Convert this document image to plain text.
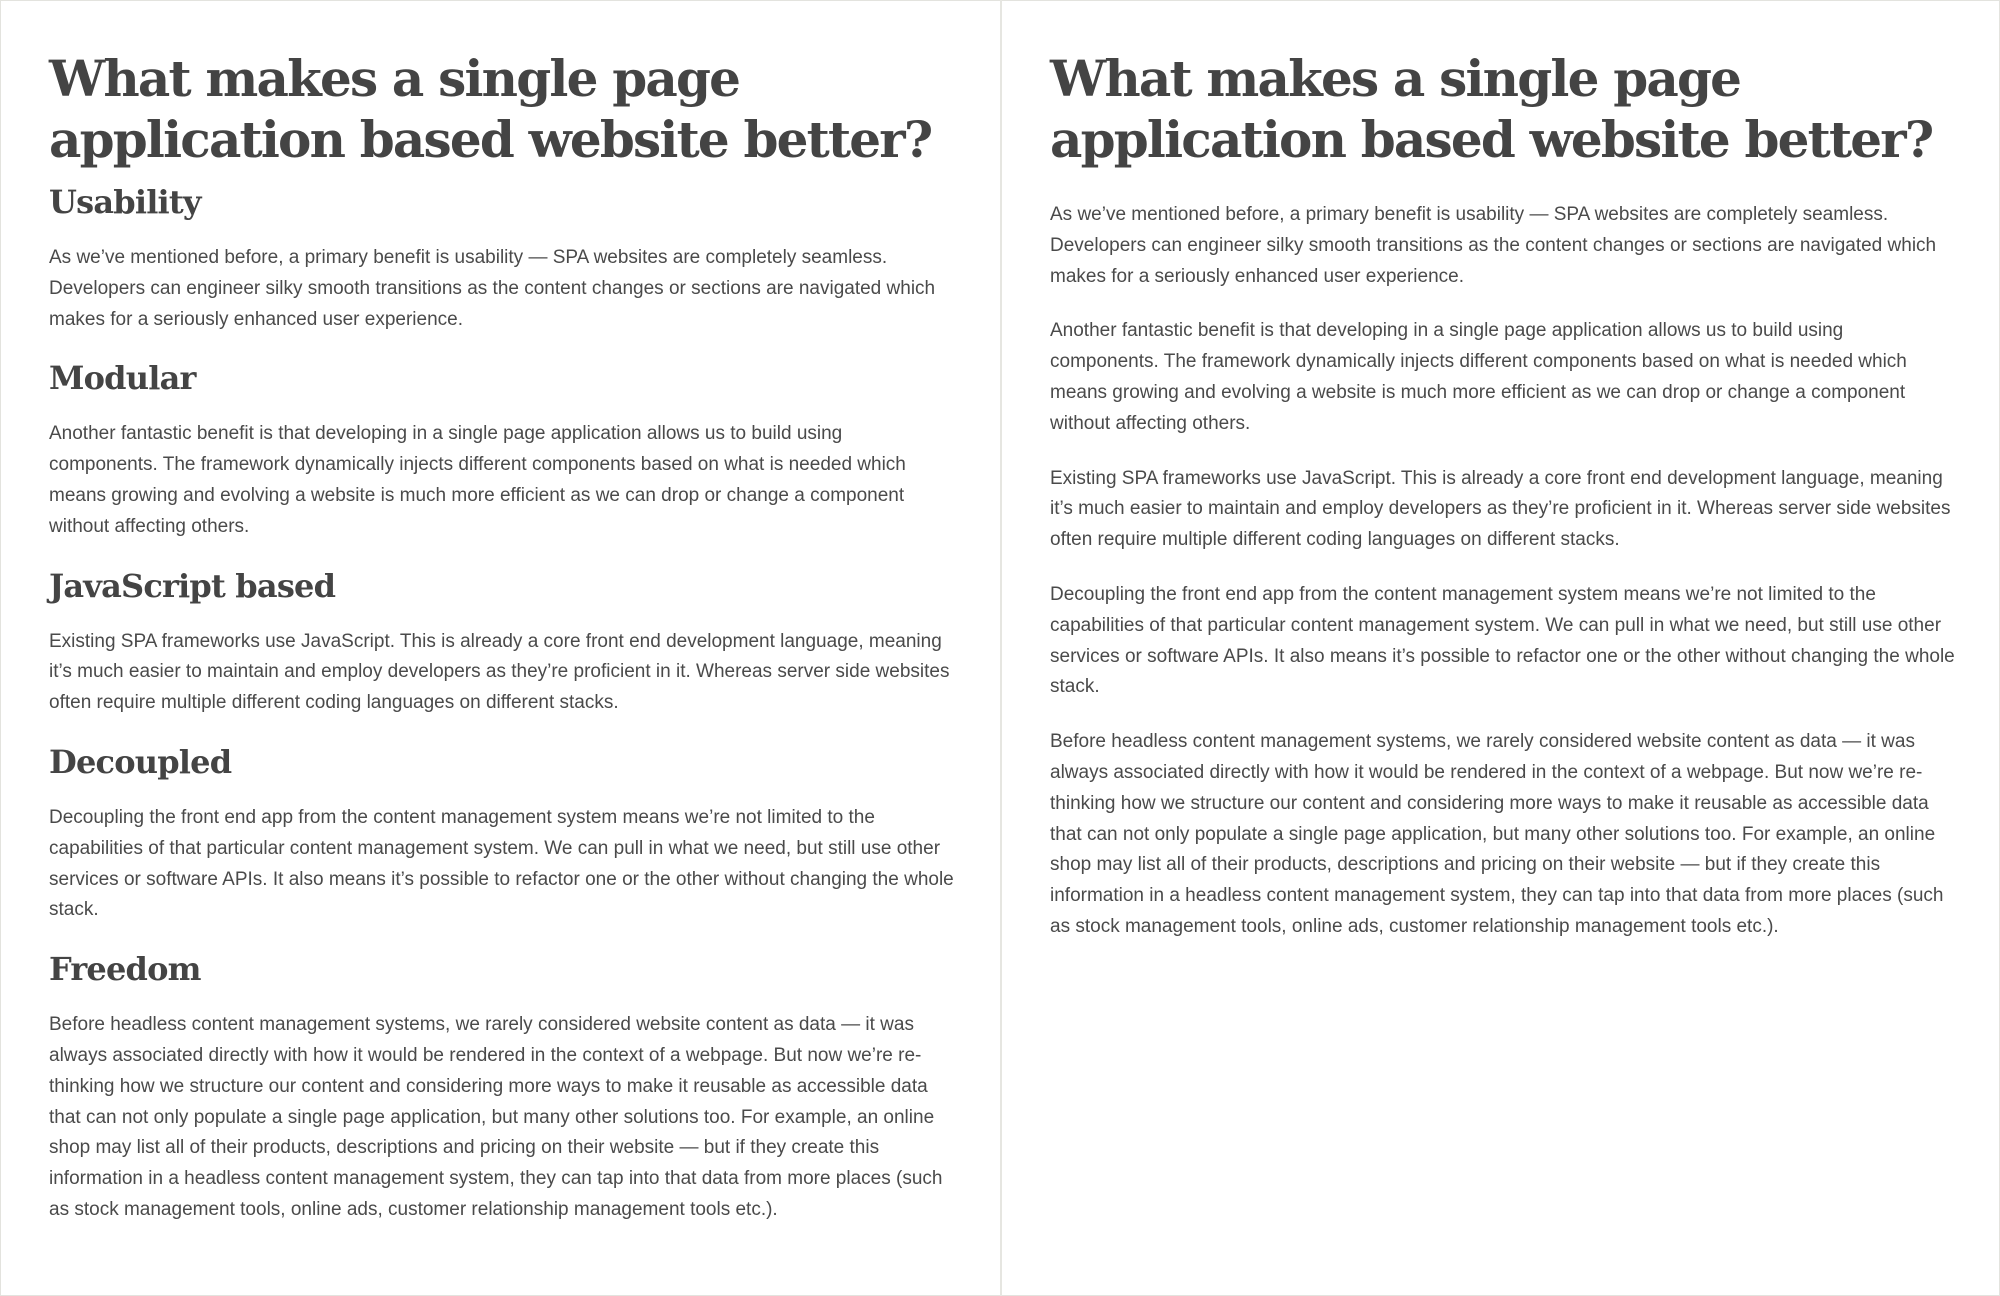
What makes a single page application based website better?
Usability

As we’ve mentioned before, a primary benefit is usability — SPA websites are completely seamless. Developers can engineer silky smooth transitions as the content changes or sections are navigated which makes for a seriously enhanced user experience.

Modular

Another fantastic benefit is that developing in a single page application allows us to build using components. The framework dynamically injects different components based on what is needed which means growing and evolving a website is much more efficient as we can drop or change a component without affecting others.

JavaScript based

Existing SPA frameworks use JavaScript. This is already a core front end development language, meaning it’s much easier to maintain and employ developers as they’re proficient in it. Whereas server side websites often require multiple different coding languages on different stacks.

Decoupled

Decoupling the front end app from the content management system means we’re not limited to the capabilities of that particular content management system. We can pull in what we need, but still use other services or software APIs. It also means it’s possible to refactor one or the other without changing the whole stack.

Freedom

Before headless content management systems, we rarely considered website content as data — it was always associated directly with how it would be rendered in the context of a webpage. But now we’re re-thinking how we structure our content and considering more ways to make it reusable as accessible data that can not only populate a single page application, but many other solutions too. For example, an online shop may list all of their products, descriptions and pricing on their website — but if they create this information in a headless content management system, they can tap into that data from more places (such as stock management tools, online ads, customer relationship management tools etc.).

What makes a single page application based website better?

As we’ve mentioned before, a primary benefit is usability — SPA websites are completely seamless. Developers can engineer silky smooth transitions as the content changes or sections are navigated which makes for a seriously enhanced user experience.

Another fantastic benefit is that developing in a single page application allows us to build using components. The framework dynamically injects different components based on what is needed which means growing and evolving a website is much more efficient as we can drop or change a component without affecting others.

Existing SPA frameworks use JavaScript. This is already a core front end development language, meaning it’s much easier to maintain and employ developers as they’re proficient in it. Whereas server side websites often require multiple different coding languages on different stacks.

Decoupling the front end app from the content management system means we’re not limited to the capabilities of that particular content management system. We can pull in what we need, but still use other services or software APIs. It also means it’s possible to refactor one or the other without changing the whole stack.

Before headless content management systems, we rarely considered website content as data — it was always associated directly with how it would be rendered in the context of a webpage. But now we’re re-thinking how we structure our content and considering more ways to make it reusable as accessible data that can not only populate a single page application, but many other solutions too. For example, an online shop may list all of their products, descriptions and pricing on their website — but if they create this information in a headless content management system, they can tap into that data from more places (such as stock management tools, online ads, customer relationship management tools etc.).
